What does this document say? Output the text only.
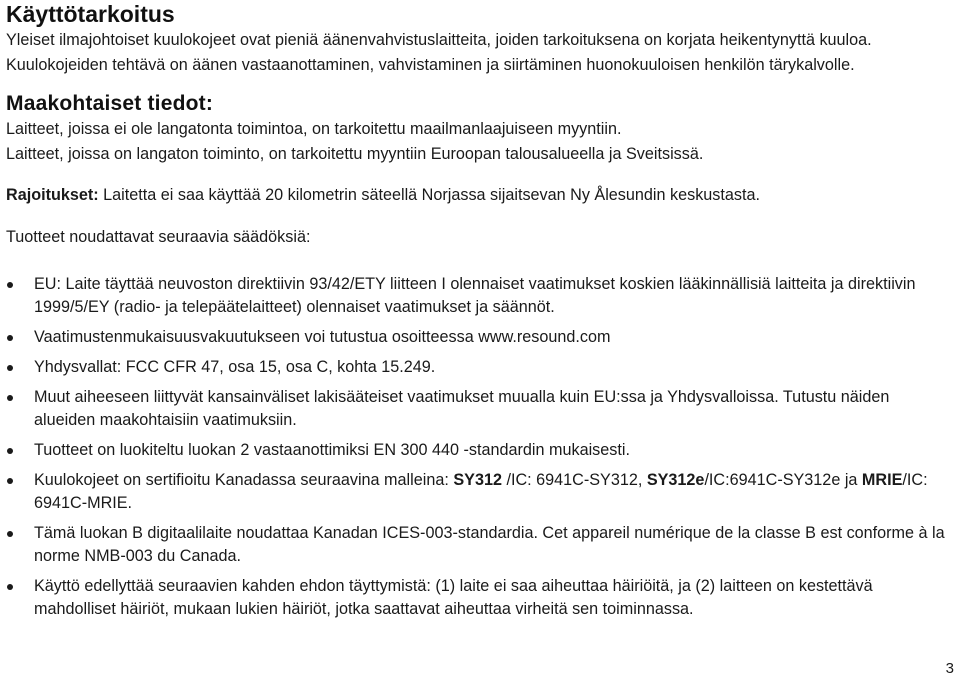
Käyttötarkoitus

Yleiset ilmajohtoiset kuulokojeet ovat pieniä äänenvahvistuslaitteita, joiden tarkoituksena on korjata heikentynyttä kuuloa. Kuulokojeiden tehtävä on äänen vastaanottaminen, vahvistaminen ja siirtäminen huonokuuloisen henkilön tärykalvolle.

Maakohtaiset tiedot:

Laitteet, joissa ei ole langatonta toimintoa, on tarkoitettu maailmanlaajuiseen myyntiin.

Laitteet, joissa on langaton toiminto, on tarkoitettu myyntiin Euroopan talousalueella ja Sveitsissä.

Rajoitukset: Laitetta ei saa käyttää 20 kilometrin säteellä Norjassa sijaitsevan Ny Ålesundin keskustasta.

Tuotteet noudattavat seuraavia säädöksiä:

EU: Laite täyttää neuvoston direktiivin 93/42/ETY liitteen I olennaiset vaatimukset koskien lääkinnällisiä laitteita ja direktiivin 1999/5/EY (radio- ja telepäätelaitteet) olennaiset vaatimukset ja säännöt.
Vaatimustenmukaisuusvakuutukseen voi tutustua osoitteessa www.resound.com
Yhdysvallat: FCC CFR 47, osa 15, osa C, kohta 15.249.
Muut aiheeseen liittyvät kansainväliset lakisääteiset vaatimukset muualla kuin EU:ssa ja Yhdysvalloissa. Tutustu näiden alueiden maakohtaisiin vaatimuksiin.
Tuotteet on luokiteltu luokan 2 vastaanottimiksi EN 300 440 -standardin mukaisesti.
Kuulokojeet on sertifioitu Kanadassa seuraavina malleina: SY312 /IC: 6941C-SY312, SY312e/IC:6941C-SY312e ja MRIE/IC: 6941C-MRIE.
Tämä luokan B digitaalilaite noudattaa Kanadan ICES-003-standardia. Cet appareil numérique de la classe B est conforme à la norme NMB-003 du Canada.
Käyttö edellyttää seuraavien kahden ehdon täyttymistä: (1) laite ei saa aiheuttaa häiriöitä, ja (2) laitteen on kestettävä mahdolliset häiriöt, mukaan lukien häiriöt, jotka saattavat aiheuttaa virheitä sen toiminnassa.
3
